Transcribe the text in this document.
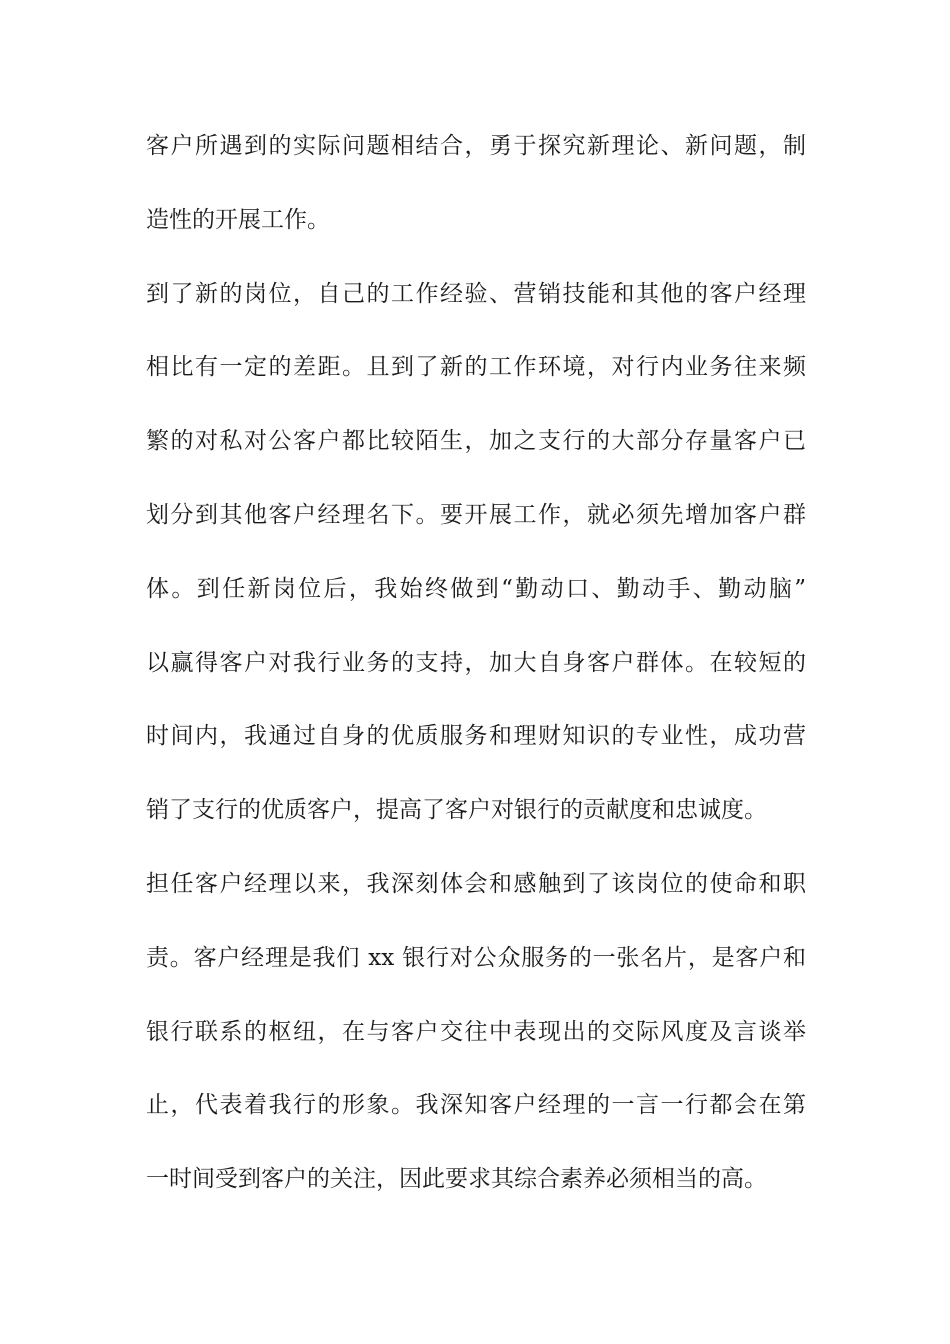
客户所遇到的实际问题相结合，勇于探究新理论、新问题，制
造性的开展工作。
到了新的岗位，自己的工作经验、营销技能和其他的客户经理
相比有一定的差距。且到了新的工作环境，对行内业务往来频
繁的对私对公客户都比较陌生，加之支行的大部分存量客户已
划分到其他客户经理名下。要开展工作，就必须先增加客户群
体。到任新岗位后，我始终做到“勤动口、勤动手、勤动脑”
以赢得客户对我行业务的支持，加大自身客户群体。在较短的
时间内，我通过自身的优质服务和理财知识的专业性，成功营
销了支行的优质客户，提高了客户对银行的贡献度和忠诚度。
担任客户经理以来，我深刻体会和感触到了该岗位的使命和职
责。客户经理是我们 xx 银行对公众服务的一张名片，是客户和
银行联系的枢纽，在与客户交往中表现出的交际风度及言谈举
止，代表着我行的形象。我深知客户经理的一言一行都会在第
一时间受到客户的关注，因此要求其综合素养必须相当的高。
